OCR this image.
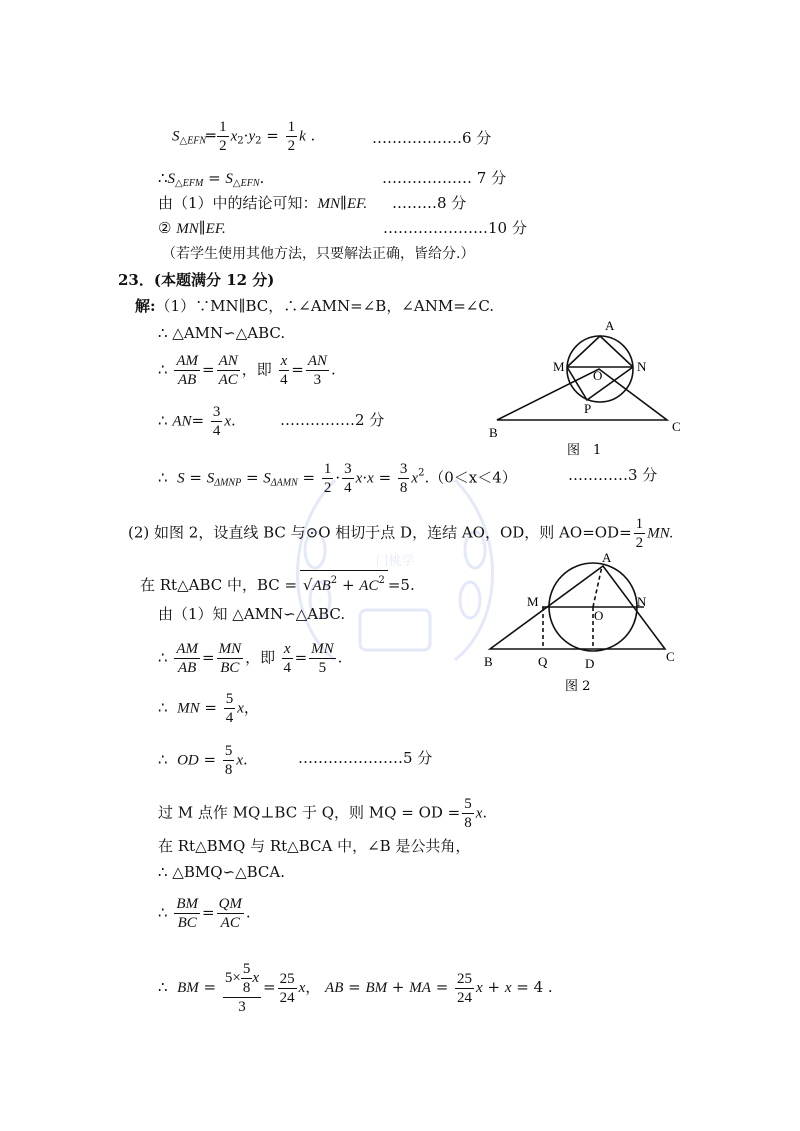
门桃学
$S_{\triangle EFN}═ \frac{1}{2} x_2\cdot y_2 = \frac{1}{2}$ k .	………………6 分
$\therefore S_{\triangle EFM} = S_{\triangle EFN}$.	……………… 7 分
由（1）中的结论可知：MN∥EF. ………8 分
② MN∥EF.	…………………10 分
（若学生使用其他方法，只要解法正确，皆给分.）
23．(本题满分 12 分)
解:（1）∵MN∥BC，∴∠AMN=∠B，∠ANM=∠C.
∴ △AMN∽△ABC.
∴ $\frac{AM}{AB} = \frac{AN}{AC}$ ，即 $\frac{x}{4} = \frac{AN}{3}$ .
∴ $AN= \frac{3}{4} x$.	……………2 分
∴  $S = S_{\Delta MNP} = S_{\Delta AMN} = \frac{1}{2} \cdot \frac{3}{4} x\cdot x = \frac{3}{8} x^2.(0<x<4)$	…………3 分
(2) 如图 2，设直线 BC 与⊙O 相切于点 D，连结 AO，OD，则 $AO=OD= \frac{1}{2}$ MN.
在 Rt△ABC 中，BC = $√​AB^2 + AC^2 =5$.
由（1）知 △AMN∽△ABC.
∴ $\frac{AM}{AB} = \frac{MN}{BC}$ ，即 $\frac{x}{4} = \frac{MN}{5}$ .
∴  MN = $\frac{5}{4}$ x，
∴  OD = $\frac{5}{8} x$.	…………………5 分
过 M 点作 MQ⊥BC 于 Q，则 MQ = OD = $\frac{5}{8} x$.
在 Rt△BMQ 与 Rt△BCA 中，∠B 是公共角，
∴ △BMQ∽△BCA.
∴ $\frac{BM}{BC} = \frac{QM}{AC}$ .
∴  BM = $\frac{5\times \frac{5}{8} x}{3} = \frac{25}{24}$ x， AB = BM + MA = $\frac{25}{24}$ x + x = 4 .
A
M	N
O
P
B	C
图　1
A
M	N
O
B	Q	D	C
图 2
